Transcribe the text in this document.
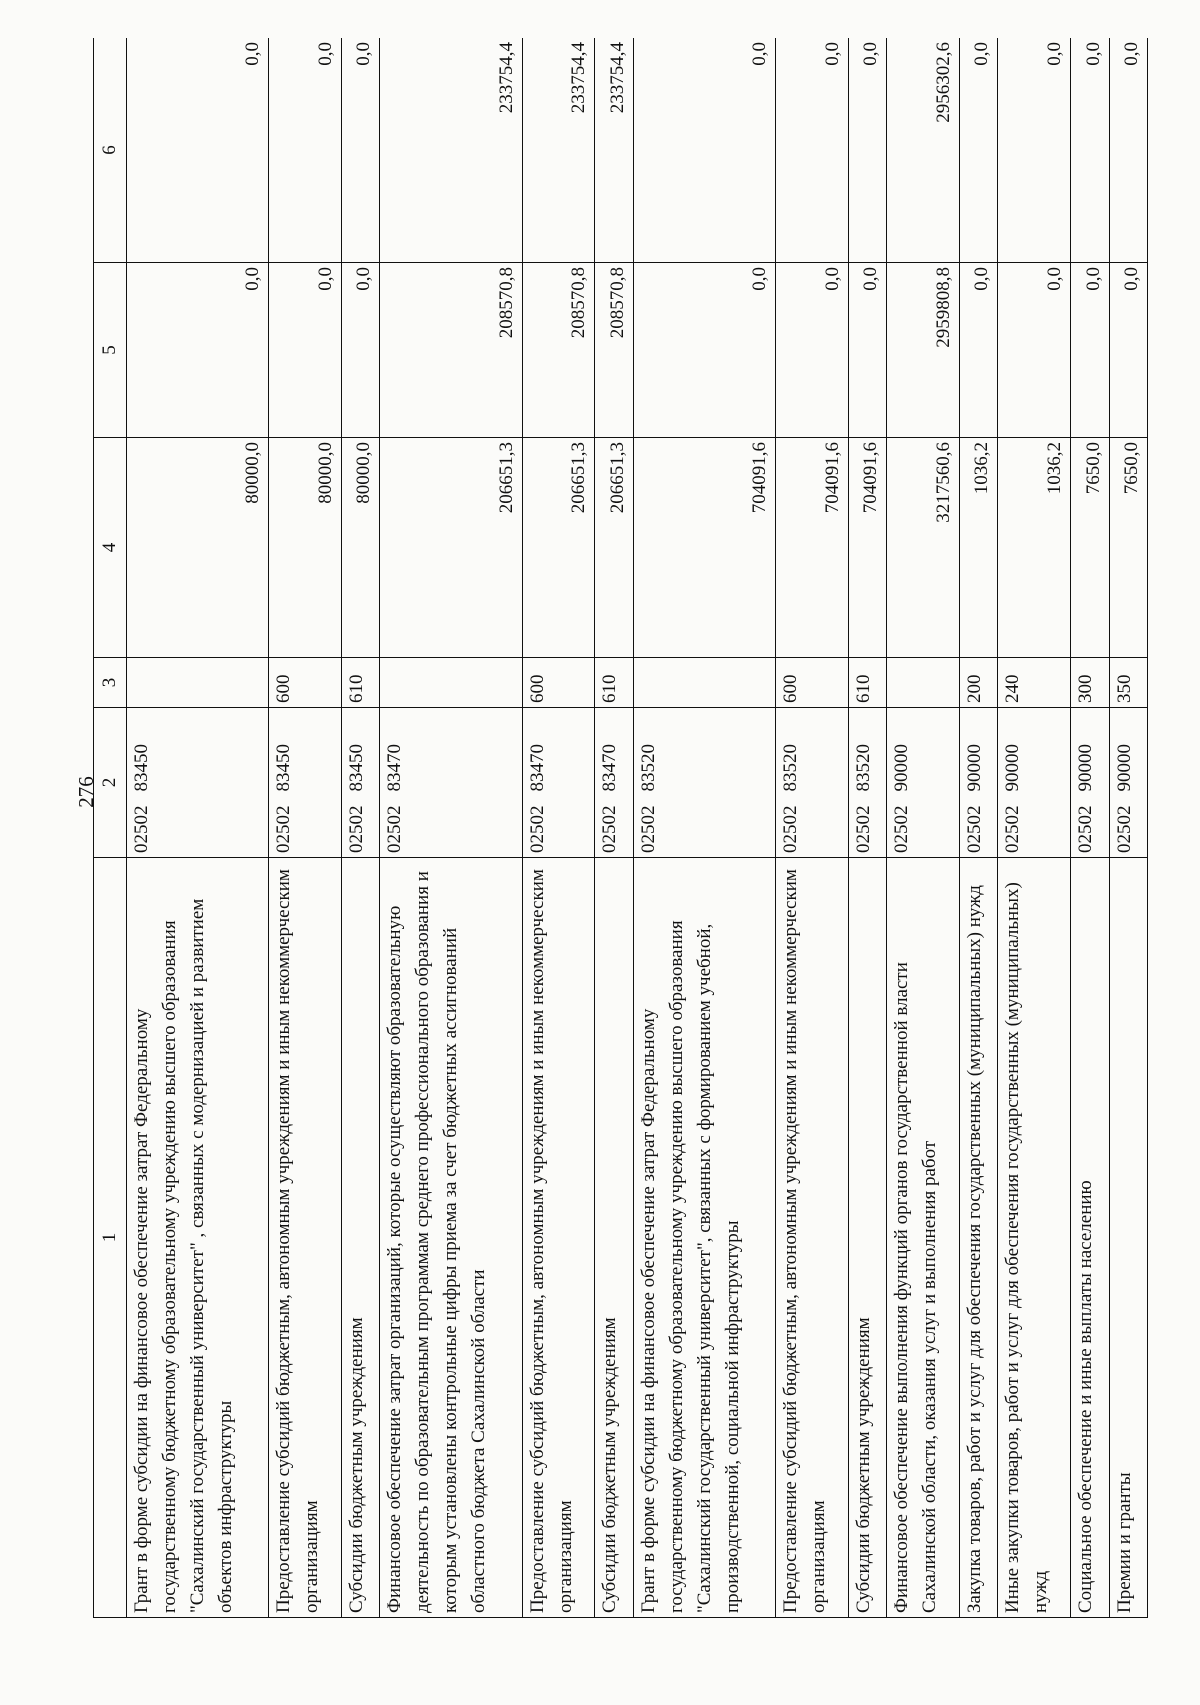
276
1	2	3	4	5	6
Грант в форме субсидии на финансовое обеспечение затрат Федеральному государственному бюджетному образовательному учреждению высшего образования "Сахалинский государственный университет" , связанных с модернизацией и развитием объектов инфраструктуры	0250283450		80000,0	0,0	0,0
Предоставление субсидий бюджетным, автономным учреждениям и иным некоммерческим организациям	0250283450	600	80000,0	0,0	0,0
Субсидии бюджетным учреждениям	0250283450	610	80000,0	0,0	0,0
Финансовое обеспечение затрат организаций, которые осуществляют образовательную деятельность по образовательным программам среднего профессионального образования и которым установлены контрольные цифры приема за счет бюджетных ассигнований областного бюджета Сахалинской области	0250283470		206651,3	208570,8	233754,4
Предоставление субсидий бюджетным, автономным учреждениям и иным некоммерческим организациям	0250283470	600	206651,3	208570,8	233754,4
Субсидии бюджетным учреждениям	0250283470	610	206651,3	208570,8	233754,4
Грант в форме субсидии на финансовое обеспечение затрат Федеральному государственному бюджетному образовательному учреждению высшего образования "Сахалинский государственный университет", связанных с формированием учебной, производственной, социальной инфраструктуры	0250283520		704091,6	0,0	0,0
Предоставление субсидий бюджетным, автономным учреждениям и иным некоммерческим организациям	0250283520	600	704091,6	0,0	0,0
Субсидии бюджетным учреждениям	0250283520	610	704091,6	0,0	0,0
Финансовое обеспечение выполнения функций органов государственной власти Сахалинской области, оказания услуг и выполнения работ	0250290000		3217560,6	2959808,8	2956302,6
Закупка товаров, работ и услуг для обеспечения государственных (муниципальных) нужд	0250290000	200	1036,2	0,0	0,0
Иные закупки товаров, работ и услуг для обеспечения государственных (муниципальных) нужд	0250290000	240	1036,2	0,0	0,0
Социальное обеспечение и иные выплаты населению	0250290000	300	7650,0	0,0	0,0
Премии и гранты	0250290000	350	7650,0	0,0	0,0
